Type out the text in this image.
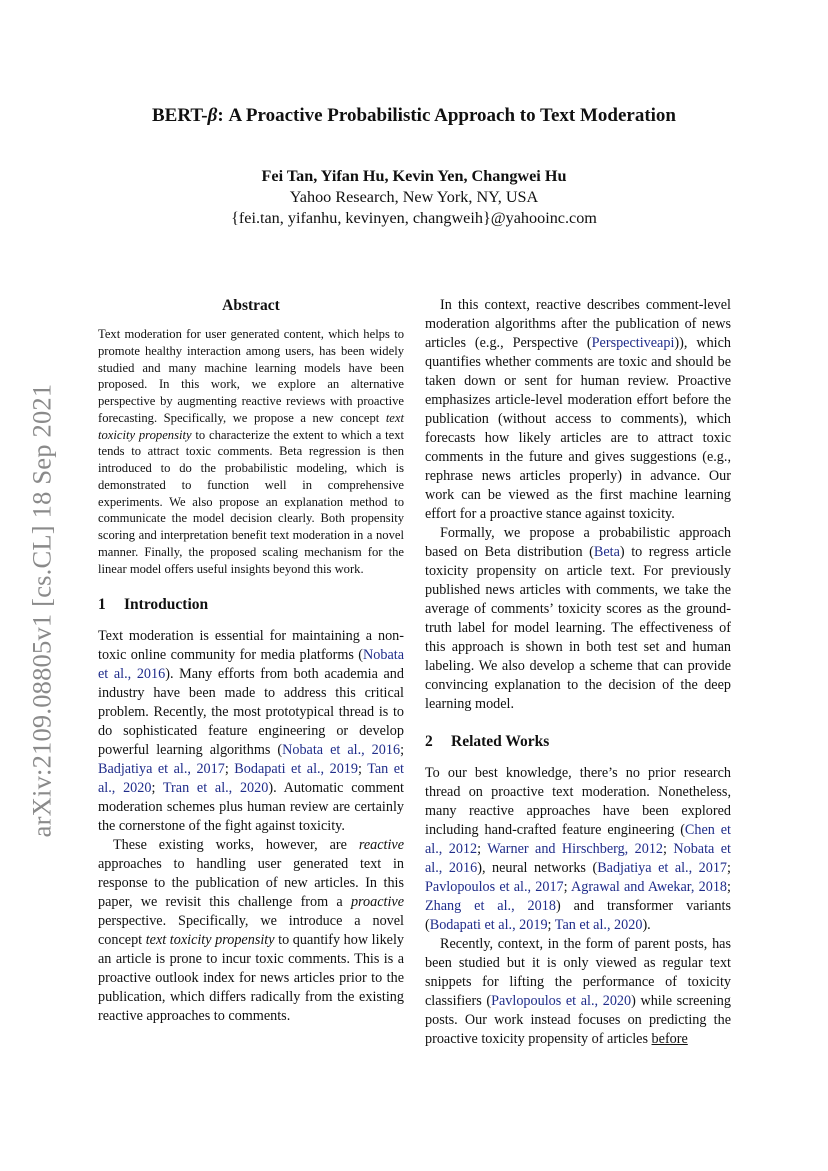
arXiv:2109.08805v1 [cs.CL] 18 Sep 2021
BERT-β: A Proactive Probabilistic Approach to Text Moderation
Fei Tan, Yifan Hu, Kevin Yen, Changwei Hu
Yahoo Research, New York, NY, USA
{fei.tan, yifanhu, kevinyen, changweih}@yahooinc.com
Abstract

Text moderation for user generated content, which helps to promote healthy interaction among users, has been widely studied and many machine learning models have been proposed. In this work, we explore an alternative perspective by augmenting reactive reviews with proactive forecasting. Specifically, we propose a new concept text toxicity propensity to characterize the extent to which a text tends to attract toxic comments. Beta regression is then introduced to do the probabilistic modeling, which is demonstrated to function well in comprehensive experiments. We also propose an explanation method to communicate the model decision clearly. Both propensity scoring and interpretation benefit text moderation in a novel manner. Finally, the proposed scaling mechanism for the linear model offers useful insights beyond this work.

1 Introduction

Text moderation is essential for maintaining a non-toxic online community for media platforms (Nobata et al., 2016). Many efforts from both academia and industry have been made to address this critical problem. Recently, the most prototypical thread is to do sophisticated feature engineering or develop powerful learning algorithms (Nobata et al., 2016; Badjatiya et al., 2017; Bodapati et al., 2019; Tan et al., 2020; Tran et al., 2020). Automatic comment moderation schemes plus human review are certainly the cornerstone of the fight against toxicity.

These existing works, however, are reactive approaches to handling user generated text in response to the publication of new articles. In this paper, we revisit this challenge from a proactive perspective. Specifically, we introduce a novel concept text toxicity propensity to quantify how likely an article is prone to incur toxic comments. This is a proactive outlook index for news articles prior to the publication, which differs radically from the existing reactive approaches to comments.

In this context, reactive describes comment-level moderation algorithms after the publication of news articles (e.g., Perspective (Perspectiveapi)), which quantifies whether comments are toxic and should be taken down or sent for human review. Proactive emphasizes article-level moderation effort before the publication (without access to comments), which forecasts how likely articles are to attract toxic comments in the future and gives suggestions (e.g., rephrase news articles properly) in advance. Our work can be viewed as the first machine learning effort for a proactive stance against toxicity.

Formally, we propose a probabilistic approach based on Beta distribution (Beta) to regress article toxicity propensity on article text. For previously published news articles with comments, we take the average of comments’ toxicity scores as the ground-truth label for model learning. The effectiveness of this approach is shown in both test set and human labeling. We also develop a scheme that can provide convincing explanation to the decision of the deep learning model.

2 Related Works

To our best knowledge, there’s no prior research thread on proactive text moderation. Nonetheless, many reactive approaches have been explored including hand-crafted feature engineering (Chen et al., 2012; Warner and Hirschberg, 2012; Nobata et al., 2016), neural networks (Badjatiya et al., 2017; Pavlopoulos et al., 2017; Agrawal and Awekar, 2018; Zhang et al., 2018) and transformer variants (Bodapati et al., 2019; Tan et al., 2020).

Recently, context, in the form of parent posts, has been studied but it is only viewed as regular text snippets for lifting the performance of toxicity classifiers (Pavlopoulos et al., 2020) while screening posts. Our work instead focuses on predicting the proactive toxicity propensity of articles before
